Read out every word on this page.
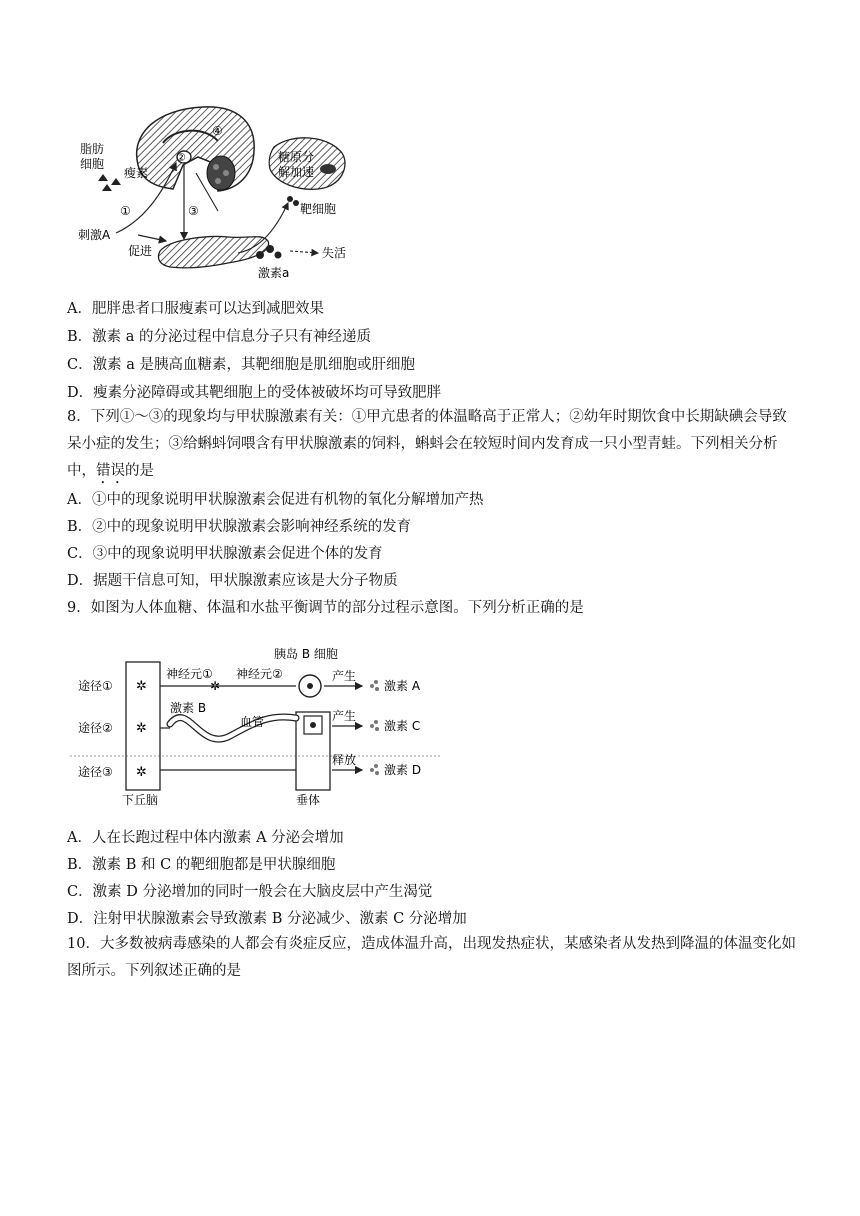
脂肪
细胞
瘦素
①
②
③
④
刺激A
促进
糖原分
解加速
靶细胞
失活
激素a
A．肥胖患者口服瘦素可以达到减肥效果
B．激素 a 的分泌过程中信息分子只有神经递质
C．激素 a 是胰高血糖素，其靶细胞是肌细胞或肝细胞
D．瘦素分泌障碍或其靶细胞上的受体被破坏均可导致肥胖
8．下列①～③的现象均与甲状腺激素有关：①甲亢患者的体温略高于正常人；②幼年时期饮食中长期缺碘会导致呆小症的发生；③给蝌蚪饲喂含有甲状腺激素的饲料，蝌蚪会在较短时间内发育成一只小型青蛙。下列相关分析中，错误的是
A．①中的现象说明甲状腺激素会促进有机物的氧化分解增加产热
B．②中的现象说明甲状腺激素会影响神经系统的发育
C．③中的现象说明甲状腺激素会促进个体的发育
D．据题干信息可知，甲状腺激素应该是大分子物质
9．如图为人体血糖、体温和水盐平衡调节的部分过程示意图。下列分析正确的是
✲
✲
✲
✲
途径①
途径②
途径③
下丘脑	垂体
神经元① 神经元②
胰岛 B 细胞
产生
产生
释放
激素 A
激素 B
激素 C
激素 D
血管
A．人在长跑过程中体内激素 A 分泌会增加
B．激素 B 和 C 的靶细胞都是甲状腺细胞
C．激素 D 分泌增加的同时一般会在大脑皮层中产生渴觉
D．注射甲状腺激素会导致激素 B 分泌减少、激素 C 分泌增加
10．大多数被病毒感染的人都会有炎症反应，造成体温升高，出现发热症状，某感染者从发热到降温的体温变化如图所示。下列叙述正确的是
